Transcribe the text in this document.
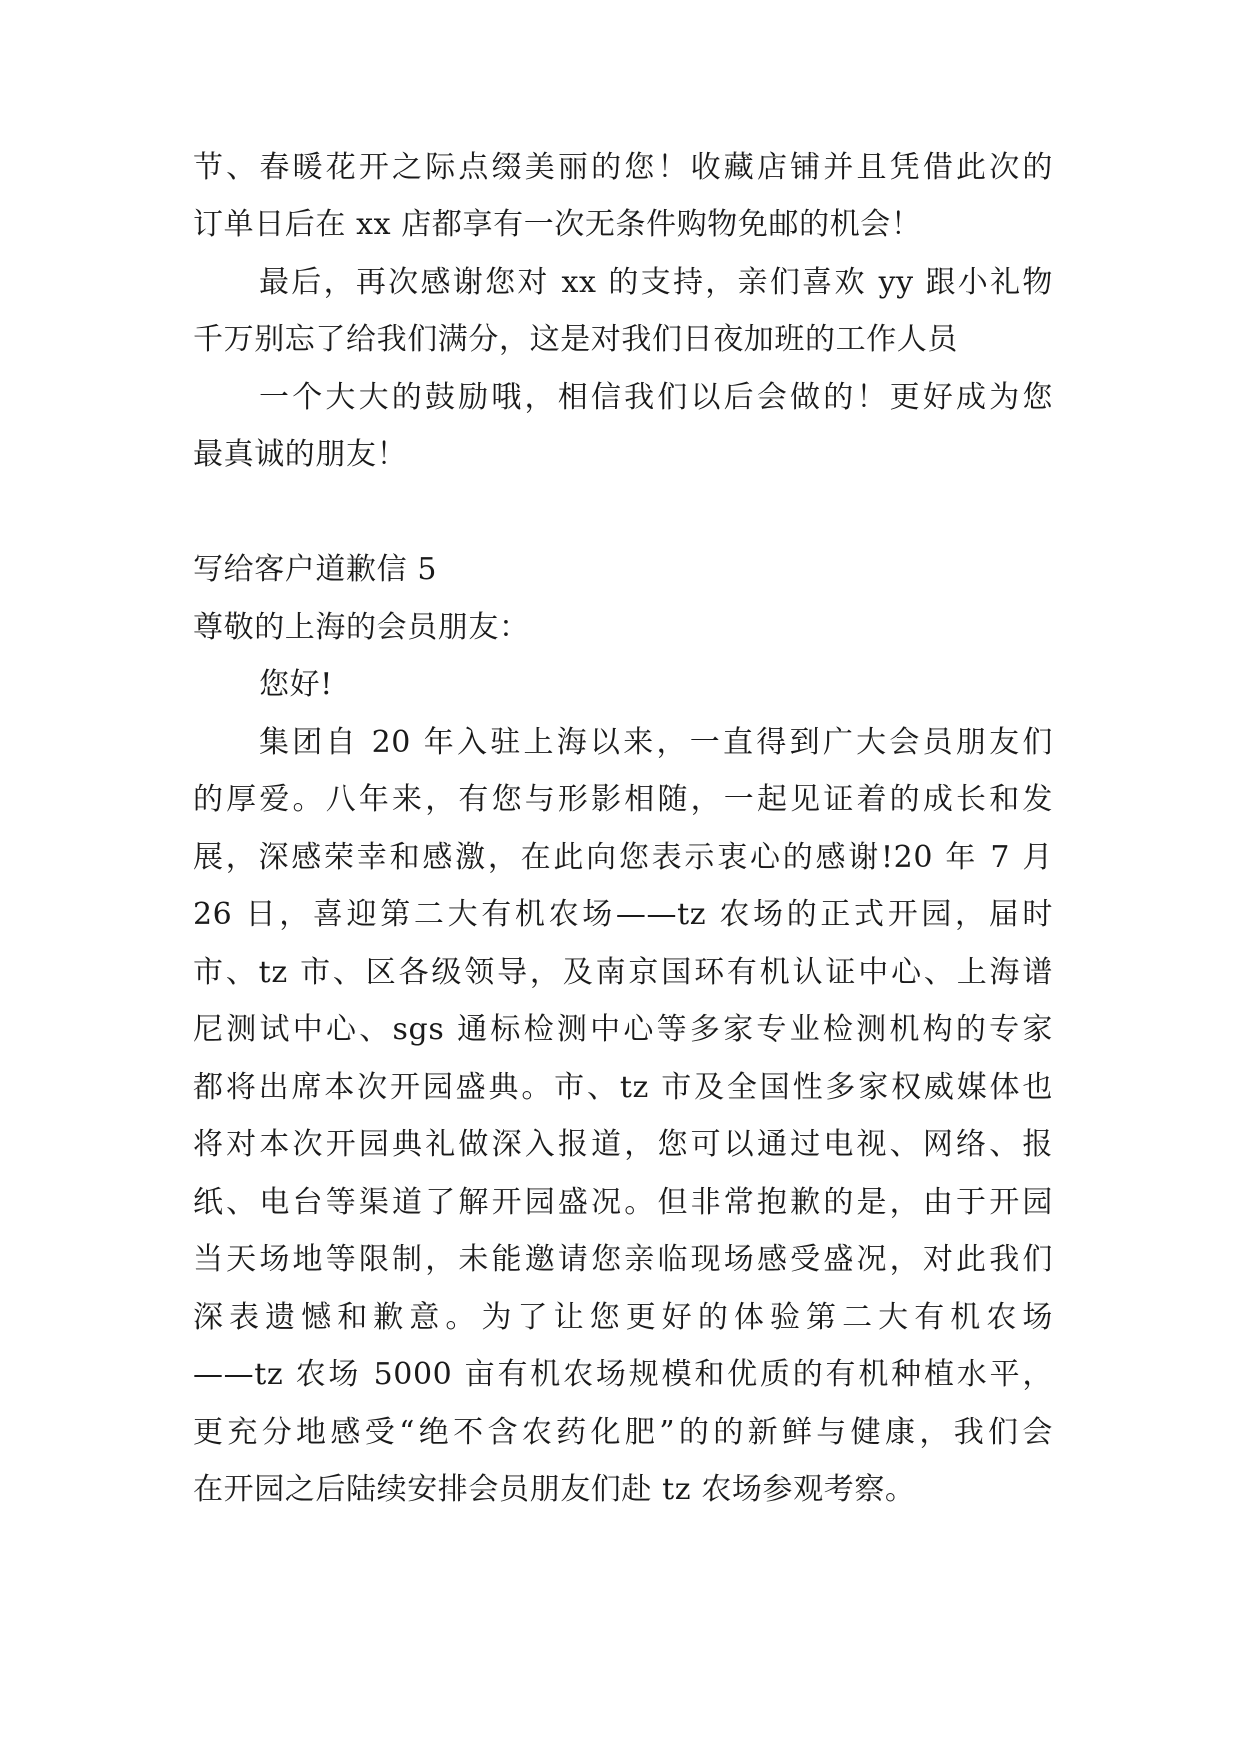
节、春暖花开之际点缀美丽的您！收藏店铺并且凭借此次的
订单日后在 xx 店都享有一次无条件购物免邮的机会！
最后，再次感谢您对 xx 的支持，亲们喜欢 yy 跟小礼物
千万别忘了给我们满分，这是对我们日夜加班的工作人员
一个大大的鼓励哦，相信我们以后会做的！更好成为您
最真诚的朋友！
写给客户道歉信 5
尊敬的上海的会员朋友：
您好!
集团自 20 年入驻上海以来，一直得到广大会员朋友们
的厚爱。八年来，有您与形影相随，一起见证着的成长和发
展，深感荣幸和感激，在此向您表示衷心的感谢!20 年 7 月
26 日，喜迎第二大有机农场——tz 农场的正式开园，届时
市、tz 市、区各级领导，及南京国环有机认证中心、上海谱
尼测试中心、sgs 通标检测中心等多家专业检测机构的专家
都将出席本次开园盛典。市、tz 市及全国性多家权威媒体也
将对本次开园典礼做深入报道，您可以通过电视、网络、报
纸、电台等渠道了解开园盛况。但非常抱歉的是，由于开园
当天场地等限制，未能邀请您亲临现场感受盛况，对此我们
深表遗憾和歉意。为了让您更好的体验第二大有机农场
——tz 农场 5000 亩有机农场规模和优质的有机种植水平，
更充分地感受“绝不含农药化肥”的的新鲜与健康，我们会
在开园之后陆续安排会员朋友们赴 tz 农场参观考察。
